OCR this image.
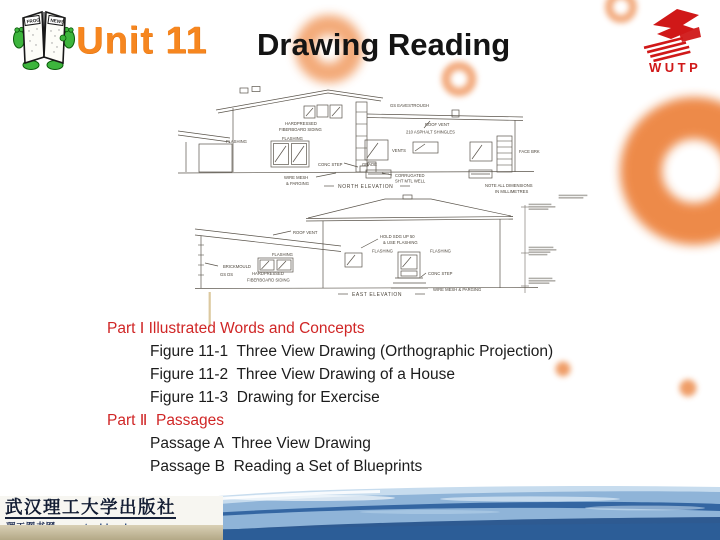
FROG NEWS Unit 11 Drawing Reading
WUTP
GS EAVESTROUGH
ROOF VENT
210 ASPHALT SHINGLES
HARDPRESSED
FIBERBOARD SIDING
FLASHING
FLASHING
VENTS	FACE BRK
CONC STEP	GRADE
WIRE MESH
& PARGING
CORRUGATED
SHT MTL WELL
NORTH ELEVATION	NOTE ALL DIMENSIONS
IN MILLIMETRES
ROOF VENT
HOLD SDG UP 50
& USE FLASHING
FLASHING
FLASHING	FLASHING
BRICKMOULD
GS DS	HARDPRESSED
FIBERBOARD SIDING
CONC STEP
WIRE MESH & PARGING
EAST ELEVATION
Part Ⅰ Illustrated Words and Concepts
Figure 11-1  Three View Drawing (Orthographic Projection)
Figure 11-2  Three View Drawing of a House
Figure 11-3  Drawing for Exercise
Part Ⅱ  Passages
Passage A  Three View Drawing
Passage B  Reading a Set of Blueprints
武汉理工大学出版社
